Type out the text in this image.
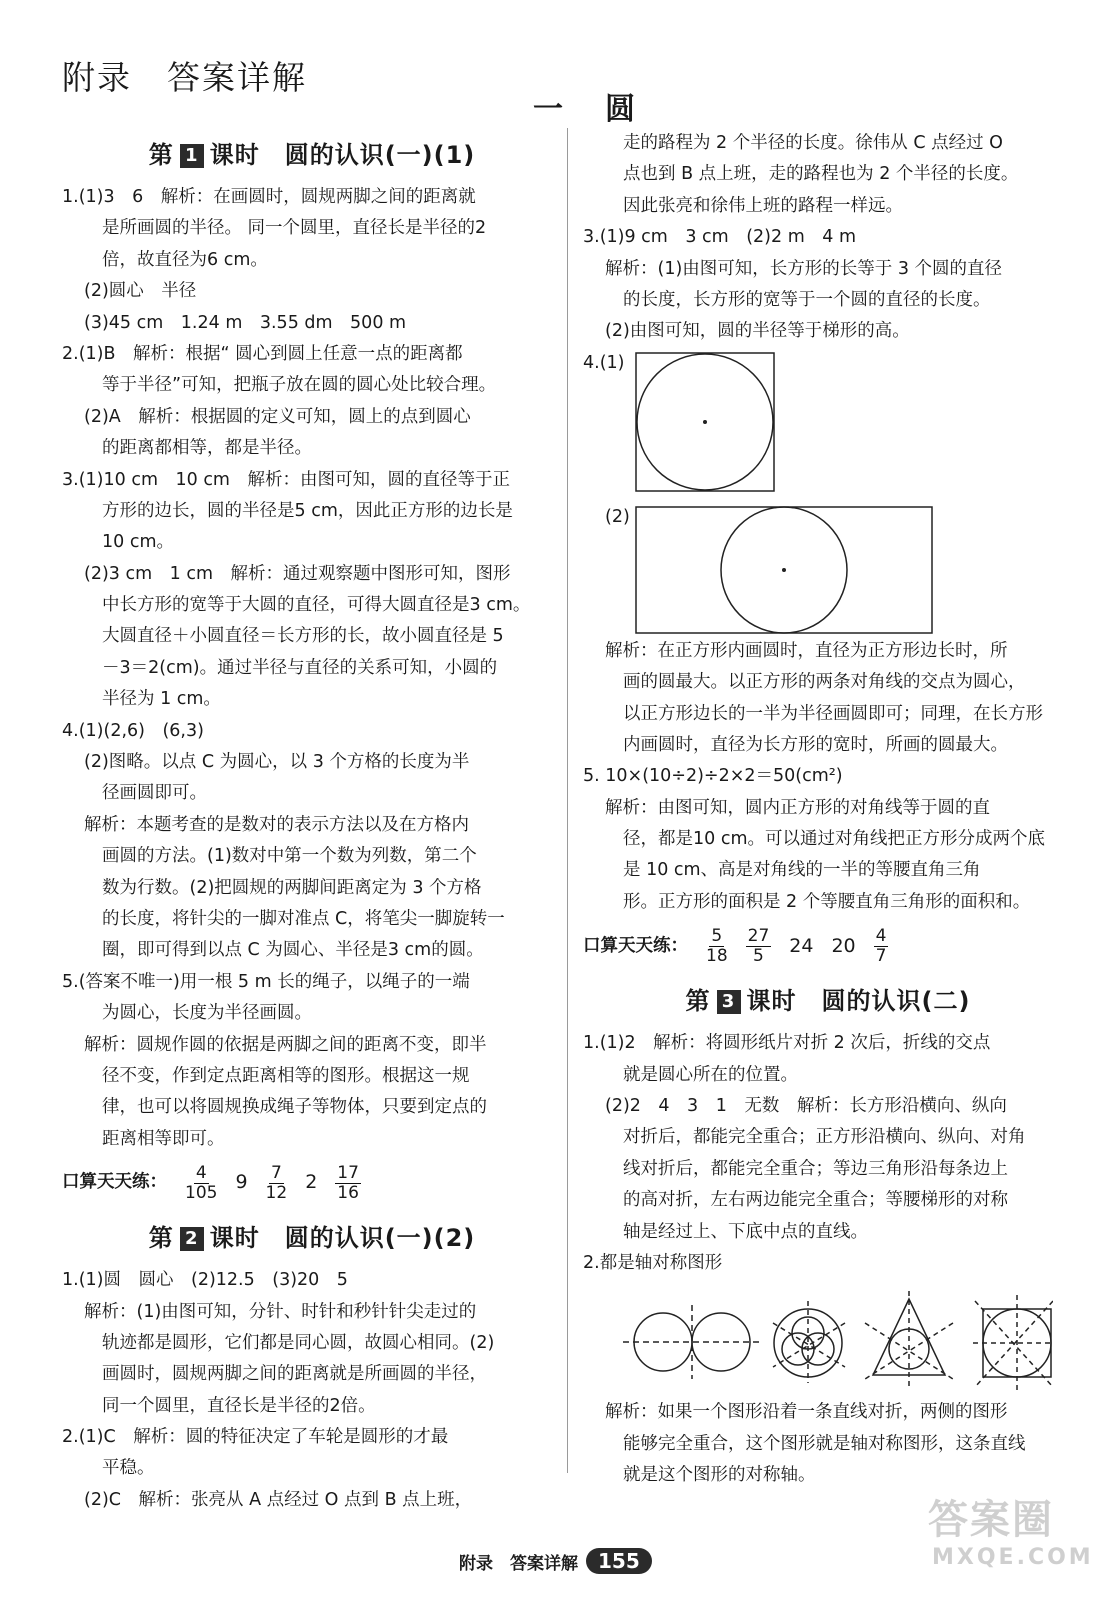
附录　答案详解
一　圆
第 1 课时　圆的认识(一)(1)
1.(1)3　6　解析：在画圆时，圆规两脚之间的距离就
是所画圆的半径。 同一个圆里，直径长是半径的2
倍，故直径为6 cm。
(2)圆心　半径
(3)45 cm　1.24 m　3.55 dm　500 m
2.(1)B　解析：根据“ 圆心到圆上任意一点的距离都
等于半径”可知，把瓶子放在圆的圆心处比较合理。
(2)A　解析：根据圆的定义可知，圆上的点到圆心
的距离都相等，都是半径。
3.(1)10 cm　10 cm　解析：由图可知，圆的直径等于正
方形的边长，圆的半径是5 cm，因此正方形的边长是
10 cm。
(2)3 cm　1 cm　解析：通过观察题中图形可知，图形
中长方形的宽等于大圆的直径，可得大圆直径是3 cm。
大圆直径＋小圆直径＝长方形的长，故小圆直径是 5
－3＝2(cm)。通过半径与直径的关系可知，小圆的
半径为 1 cm。
4.(1)(2,6)　(6,3)
(2)图略。以点 C 为圆心，以 3 个方格的长度为半
径画圆即可。
解析：本题考查的是数对的表示方法以及在方格内
画圆的方法。(1)数对中第一个数为列数，第二个
数为行数。(2)把圆规的两脚间距离定为 3 个方格
的长度，将针尖的一脚对准点 C，将笔尖一脚旋转一
圈，即可得到以点 C 为圆心、半径是3 cm的圆。
5.(答案不唯一)用一根 5 m 长的绳子，以绳子的一端
为圆心，长度为半径画圆。
解析：圆规作圆的依据是两脚之间的距离不变，即半
径不变，作到定点距离相等的图形。根据这一规
律，也可以将圆规换成绳子等物体，只要到定点的
距离相等即可。
口算天天练： $\frac{4}{105} 9 \frac{7}{12} 2 \frac{17}{16}$
第 2 课时　圆的认识(一)(2)
1.(1)圆　圆心　(2)12.5　(3)20　5
解析：(1)由图可知，分针、时针和秒针针尖走过的
轨迹都是圆形，它们都是同心圆，故圆心相同。(2)
画圆时，圆规两脚之间的距离就是所画圆的半径，
同一个圆里，直径长是半径的2倍。
2.(1)C　解析：圆的特征决定了车轮是圆形的才最
平稳。
(2)C　解析：张亮从 A 点经过 O 点到 B 点上班，
走的路程为 2 个半径的长度。徐伟从 C 点经过 O
点也到 B 点上班，走的路程也为 2 个半径的长度。
因此张亮和徐伟上班的路程一样远。
3.(1)9 cm　3 cm　(2)2 m　4 m
解析：(1)由图可知，长方形的长等于 3 个圆的直径
的长度，长方形的宽等于一个圆的直径的长度。
(2)由图可知，圆的半径等于梯形的高。
4.(1)
(2)
解析：在正方形内画圆时，直径为正方形边长时，所
画的圆最大。以正方形的两条对角线的交点为圆心，
以正方形边长的一半为半径画圆即可；同理，在长方形
内画圆时，直径为长方形的宽时，所画的圆最大。
5. 10×(10÷2)÷2×2＝50(cm²)
解析：由图可知，圆内正方形的对角线等于圆的直
径，都是10 cm。可以通过对角线把正方形分成两个底
是 10 cm、高是对角线的一半的等腰直角三角
形。正方形的面积是 2 个等腰直角三角形的面积和。
口算天天练： $\frac{5}{18} \frac{27}{5} 24$ $20 \frac{4}{7}$
第 3 课时　圆的认识(二)
1.(1)2　解析：将圆形纸片对折 2 次后，折线的交点
就是圆心所在的位置。
(2)2　4　3　1　无数　解析：长方形沿横向、纵向
对折后，都能完全重合；正方形沿横向、纵向、对角
线对折后，都能完全重合；等边三角形沿每条边上
的高对折，左右两边能完全重合；等腰梯形的对称
轴是经过上、下底中点的直线。
2.都是轴对称图形
解析：如果一个图形沿着一条直线对折，两侧的图形
能够完全重合，这个图形就是轴对称图形，这条直线
就是这个图形的对称轴。
附录　答案详解	155
答案圈
MXQE.COM
